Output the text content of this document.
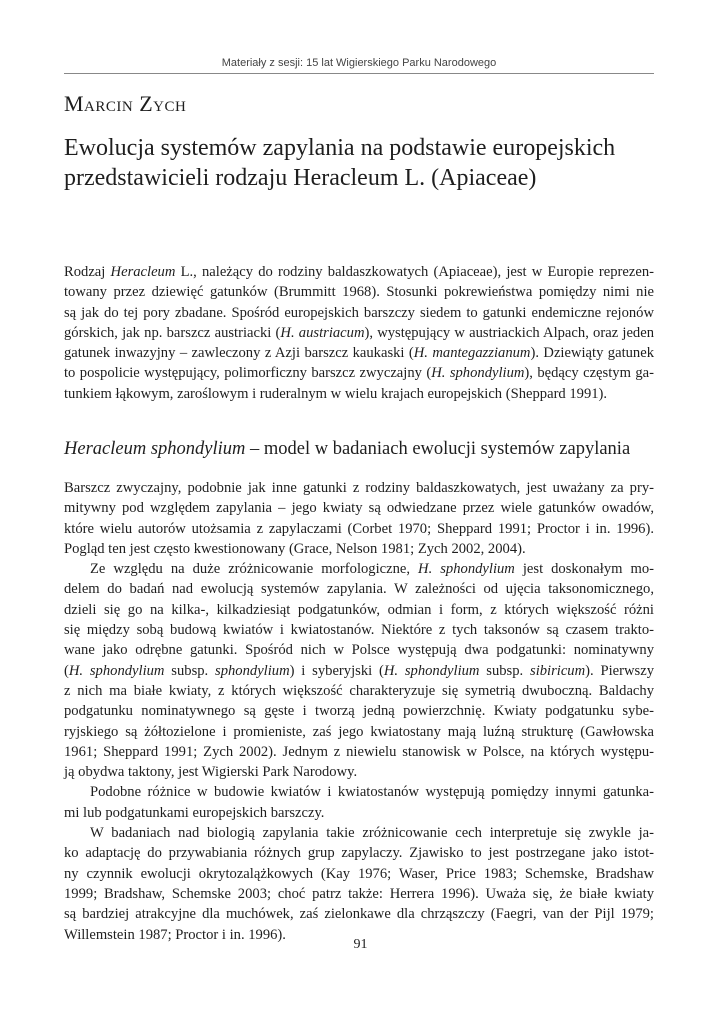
Materiały z sesji: 15 lat Wigierskiego Parku Narodowego

Marcin Zych
Ewolucja systemów zapylania na podstawie europejskich
przedstawicieli rodzaju Heracleum L. (Apiaceae)
Rodzaj Heracleum L., należący do rodziny baldaszkowatych (Apiaceae), jest w Europie reprezen-
towany przez dziewięć gatunków (Brummitt 1968). Stosunki pokrewieństwa pomiędzy nimi nie
są jak do tej pory zbadane. Spośród europejskich barszczy siedem to gatunki endemiczne rejonów
górskich, jak np. barszcz austriacki (H. austriacum), występujący w austriackich Alpach, oraz jeden
gatunek inwazyjny – zawleczony z Azji barszcz kaukaski (H. mantegazzianum). Dziewiąty gatunek
to pospolicie występujący, polimorficzny barszcz zwyczajny (H. sphondylium), będący częstym ga-
tunkiem łąkowym, zaroślowym i ruderalnym w wielu krajach europejskich (Sheppard 1991).
Heracleum sphondylium – model w badaniach ewolucji systemów zapylania
Barszcz zwyczajny, podobnie jak inne gatunki z rodziny baldaszkowatych, jest uważany za pry-
mitywny pod względem zapylania – jego kwiaty są odwiedzane przez wiele gatunków owadów,
które wielu autorów utożsamia z zapylaczami (Corbet 1970; Sheppard 1991; Proctor i in. 1996).
Pogląd ten jest często kwestionowany (Grace, Nelson 1981; Zych 2002, 2004).
Ze względu na duże zróżnicowanie morfologiczne, H. sphondylium jest doskonałym mo-
delem do badań nad ewolucją systemów zapylania. W zależności od ujęcia taksonomicznego,
dzieli się go na kilka-, kilkadziesiąt podgatunków, odmian i form, z których większość różni
się między sobą budową kwiatów i kwiatostanów. Niektóre z tych taksonów są czasem trakto-
wane jako odrębne gatunki. Spośród nich w Polsce występują dwa podgatunki: nominatywny
(H. sphondylium subsp. sphondylium) i syberyjski (H. sphondylium subsp. sibiricum). Pierwszy
z nich ma białe kwiaty, z których większość charakteryzuje się symetrią dwuboczną. Baldachy
podgatunku nominatywnego są gęste i tworzą jedną powierzchnię. Kwiaty podgatunku sybe-
ryjskiego są żółtozielone i promieniste, zaś jego kwiatostany mają luźną strukturę (Gawłowska
1961; Sheppard 1991; Zych 2002). Jednym z niewielu stanowisk w Polsce, na których występu-
ją obydwa taktony, jest Wigierski Park Narodowy.
Podobne różnice w budowie kwiatów i kwiatostanów występują pomiędzy innymi gatunka-
mi lub podgatunkami europejskich barszczy.
W badaniach nad biologią zapylania takie zróżnicowanie cech interpretuje się zwykle ja-
ko adaptację do przywabiania różnych grup zapylaczy. Zjawisko to jest postrzegane jako istot-
ny czynnik ewolucji okrytozalążkowych (Kay 1976; Waser, Price 1983; Schemske, Bradshaw
1999; Bradshaw, Schemske 2003; choć patrz także: Herrera 1996). Uważa się, że białe kwiaty
są bardziej atrakcyjne dla muchówek, zaś zielonkawe dla chrząszczy (Faegri, van der Pijl 1979;
Willemstein 1987; Proctor i in. 1996).

91
